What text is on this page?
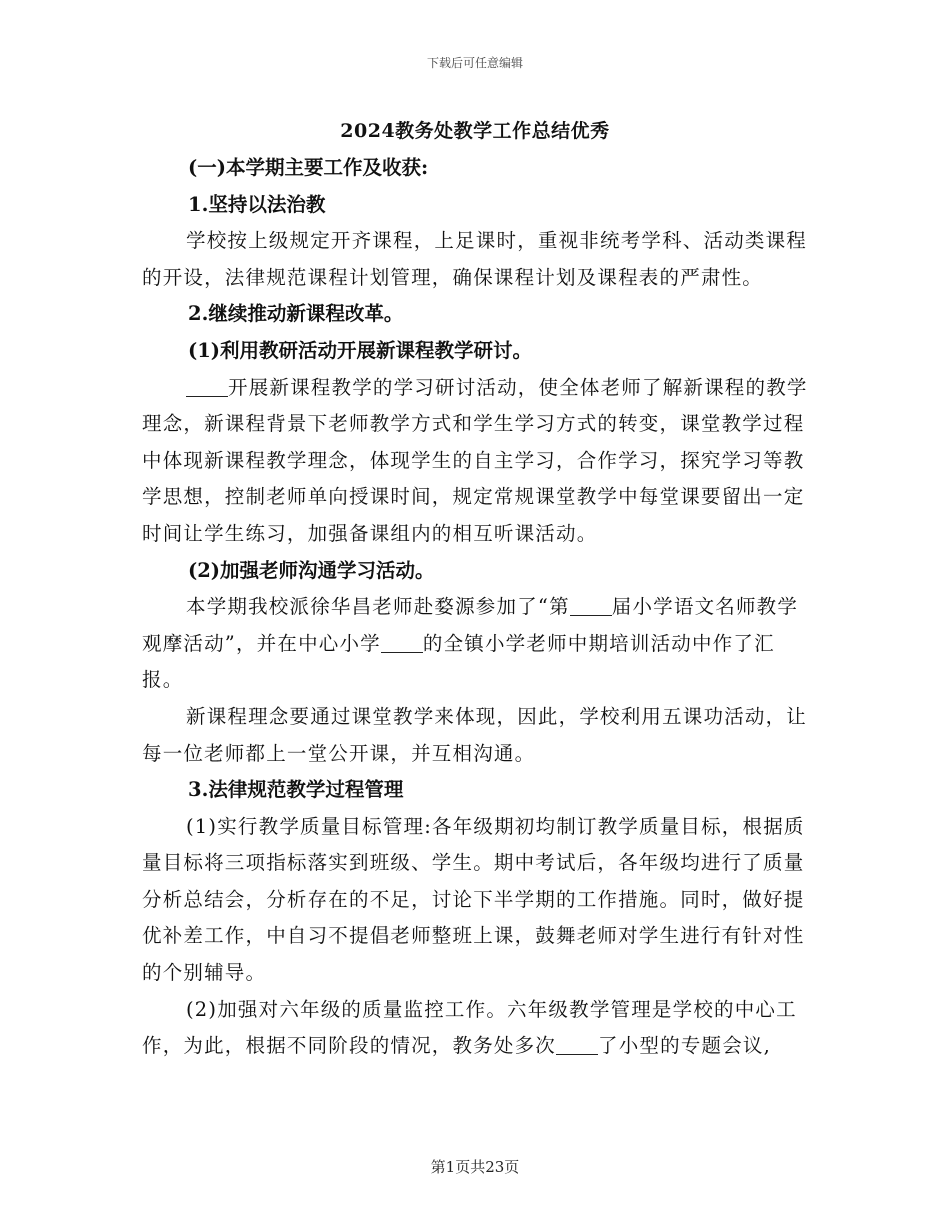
下载后可任意编辑
2024教务处教学工作总结优秀

(一)本学期主要工作及收获:

1.坚持以法治教

学校按上级规定开齐课程，上足课时，重视非统考学科、活动类课程的开设，法律规范课程计划管理，确保课程计划及课程表的严肃性。

2.继续推动新课程改革。

(1)利用教研活动开展新课程教学研讨。

开展新课程教学的学习研讨活动，使全体老师了解新课程的教学理念，新课程背景下老师教学方式和学生学习方式的转变，课堂教学过程中体现新课程教学理念，体现学生的自主学习，合作学习，探究学习等教学思想，控制老师单向授课时间，规定常规课堂教学中每堂课要留出一定时间让学生练习，加强备课组内的相互听课活动。

(2)加强老师沟通学习活动。

本学期我校派徐华昌老师赴婺源参加了“第 届小学语文名师教学观摩活动”，并在中心小学 的全镇小学老师中期培训活动中作了汇报。

新课程理念要通过课堂教学来体现，因此，学校利用五课功活动，让每一位老师都上一堂公开课，并互相沟通。

3.法律规范教学过程管理

(1)实行教学质量目标管理:各年级期初均制订教学质量目标，根据质量目标将三项指标落实到班级、学生。期中考试后，各年级均进行了质量分析总结会，分析存在的不足，讨论下半学期的工作措施。同时，做好提优补差工作，中自习不提倡老师整班上课，鼓舞老师对学生进行有针对性的个别辅导。

(2)加强对六年级的质量监控工作。六年级教学管理是学校的中心工作，为此，根据不同阶段的情况，教务处多次 了小型的专题会议,

第1页共23页
